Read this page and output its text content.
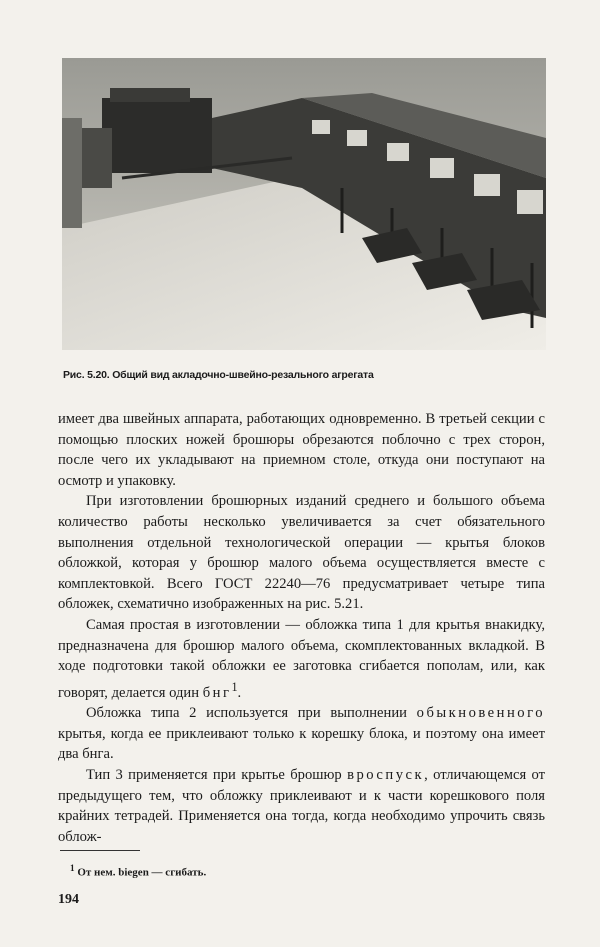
Рис. 5.20. Общий вид акладочно-швейно-резального агрегата

имеет два швейных аппарата, работающих одновременно. В третьей секции с помощью плоских ножей брошюры обрезаются поблочно с трех сторон, после чего их укладывают на приемном столе, откуда они поступают на осмотр и упаковку.

При изготовлении брошюрных изданий среднего и большого объема количество работы несколько увеличивается за счет обязательного выполнения отдельной технологической операции — крытья блоков обложкой, которая у брошюр малого объема осуществляется вместе с комплектовкой. Всего ГОСТ 22240—76 предусматривает четыре типа обложек, схематично изображенных на рис. 5.21.

Самая простая в изготовлении — обложка типа 1 для крытья внакидку, предназначена для брошюр малого объема, скомплектованных вкладкой. В ходе подготовки такой обложки ее заготовка сгибается пополам, или, как говорят, делается один бнг$^1$.

Обложка типа 2 используется при выполнении обыкновенного крытья, когда ее приклеивают только к корешку блока, и поэтому она имеет два бнга.

Тип 3 применяется при крытье брошюр вроспуск, отличающемся от предыдущего тем, что обложку приклеивают и к части корешкового поля крайних тетрадей. Применяется она тогда, когда необходимо упрочить связь облож-

$^1$ От нем. biegen — сгибать.
194
